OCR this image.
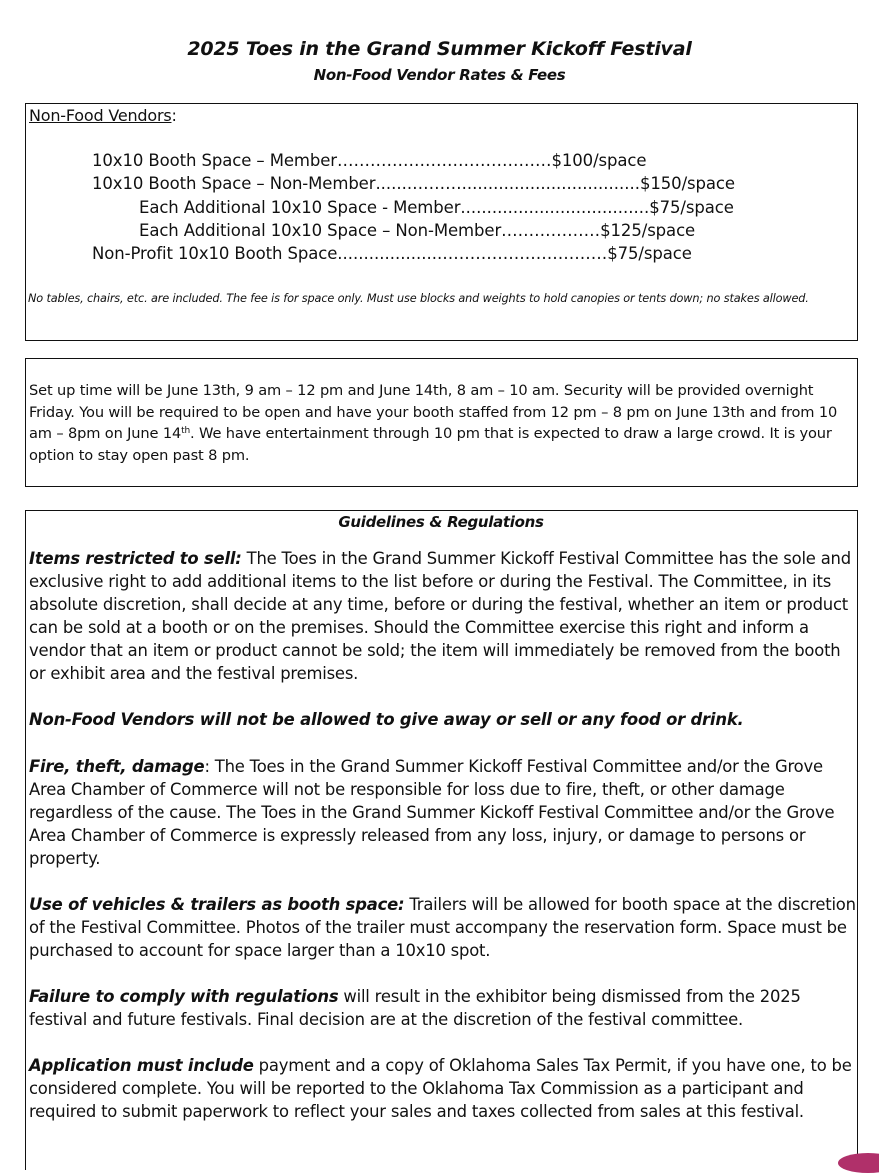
2025 Toes in the Grand Summer Kickoff Festival
Non-Food Vendor Rates & Fees
Non-Food Vendors:
10x10 Booth Space – Member…………………………………$100/space
10x10 Booth Space – Non-Member.......………..................................$150/space
Each Additional 10x10 Space - Member....................................$75/space
Each Additional 10x10 Space – Non-Member………………$125/space
Non-Profit 10x10 Booth Space....................…………………………$75/space
No tables, chairs, etc. are included. The fee is for space only. Must use blocks and weights to hold canopies or tents down; no stakes allowed.
Set up time will be June 13th, 9 am – 12 pm and June 14th, 8 am – 10 am. Security will be provided overnight Friday. You will be required to be open and have your booth staffed from 12 pm – 8 pm on June 13th and from 10 am – 8pm on June 14th. We have entertainment through 10 pm that is expected to draw a large crowd. It is your option to stay open past 8 pm.
Guidelines & Regulations
Items restricted to sell: The Toes in the Grand Summer Kickoff Festival Committee has the sole and exclusive right to add additional items to the list before or during the Festival. The Committee, in its absolute discretion, shall decide at any time, before or during the festival, whether an item or product can be sold at a booth or on the premises. Should the Committee exercise this right and inform a vendor that an item or product cannot be sold; the item will immediately be removed from the booth or exhibit area and the festival premises.
Non-Food Vendors will not be allowed to give away or sell or any food or drink.
Fire, theft, damage: The Toes in the Grand Summer Kickoff Festival Committee and/or the Grove Area Chamber of Commerce will not be responsible for loss due to fire, theft, or other damage regardless of the cause. The Toes in the Grand Summer Kickoff Festival Committee and/or the Grove Area Chamber of Commerce is expressly released from any loss, injury, or damage to persons or property.
Use of vehicles & trailers as booth space: Trailers will be allowed for booth space at the discretion of the Festival Committee. Photos of the trailer must accompany the reservation form. Space must be purchased to account for space larger than a 10x10 spot.
Failure to comply with regulations will result in the exhibitor being dismissed from the 2025 festival and future festivals. Final decision are at the discretion of the festival committee.
Application must include payment and a copy of Oklahoma Sales Tax Permit, if you have one, to be considered complete. You will be reported to the Oklahoma Tax Commission as a participant and required to submit paperwork to reflect your sales and taxes collected from sales at this festival.
